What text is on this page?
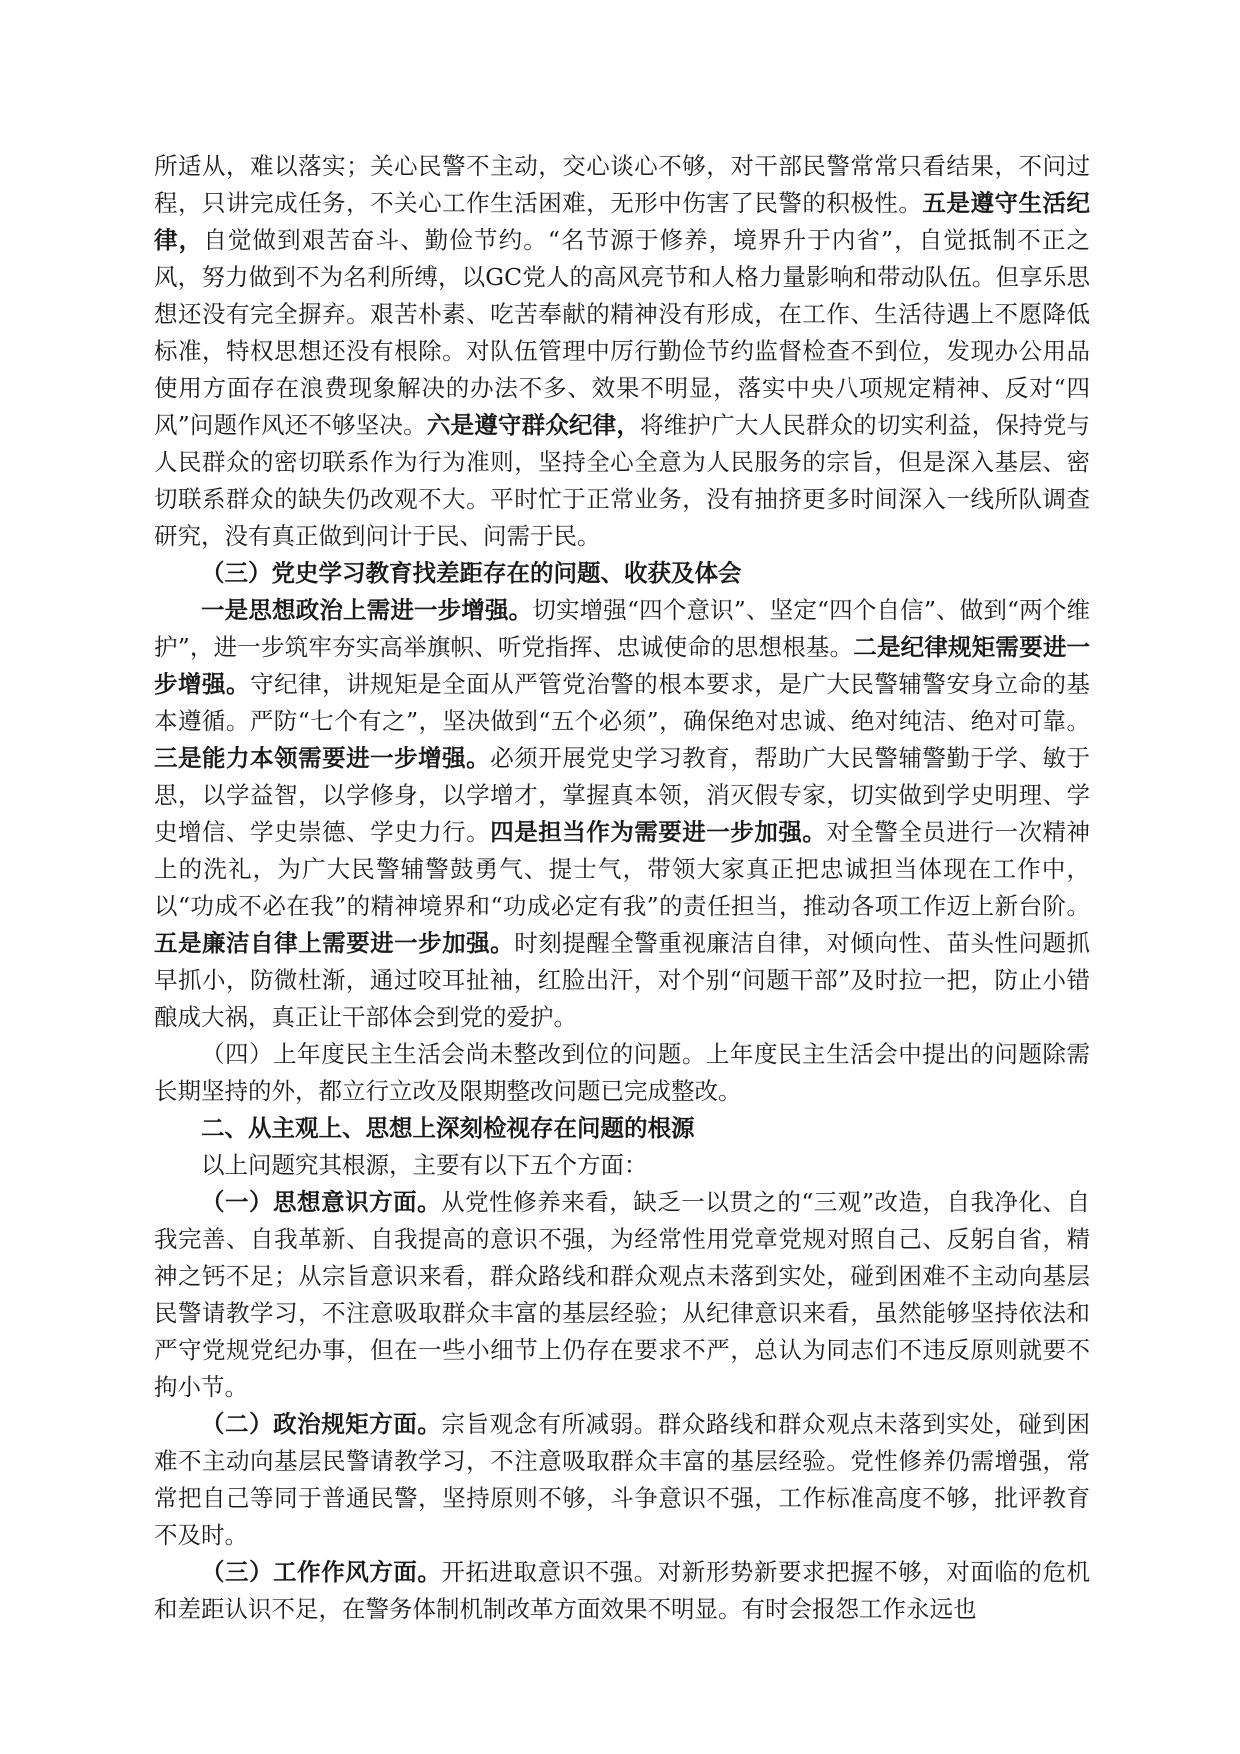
所适从，难以落实；关心民警不主动，交心谈心不够，对干部民警常常只看结果，不问过程，只讲完成任务，不关心工作生活困难，无形中伤害了民警的积极性。五是遵守生活纪律，自觉做到艰苦奋斗、勤俭节约。“名节源于修养，境界升于内省”，自觉抵制不正之风，努力做到不为名利所缚，以GC党人的高风亮节和人格力量影响和带动队伍。但享乐思想还没有完全摒弃。艰苦朴素、吃苦奉献的精神没有形成，在工作、生活待遇上不愿降低标准，特权思想还没有根除。对队伍管理中厉行勤俭节约监督检查不到位，发现办公用品使用方面存在浪费现象解决的办法不多、效果不明显，落实中央八项规定精神、反对“四风”问题作风还不够坚决。六是遵守群众纪律，将维护广大人民群众的切实利益，保持党与人民群众的密切联系作为行为准则，坚持全心全意为人民服务的宗旨，但是深入基层、密切联系群众的缺失仍改观不大。平时忙于正常业务，没有抽挤更多时间深入一线所队调查研究，没有真正做到问计于民、问需于民。

（三）党史学习教育找差距存在的问题、收获及体会

一是思想政治上需进一步增强。切实增强“四个意识”、坚定“四个自信”、做到“两个维护”，进一步筑牢夯实高举旗帜、听党指挥、忠诚使命的思想根基。二是纪律规矩需要进一步增强。守纪律，讲规矩是全面从严管党治警的根本要求，是广大民警辅警安身立命的基本遵循。严防“七个有之”，坚决做到“五个必须”，确保绝对忠诚、绝对纯洁、绝对可靠。三是能力本领需要进一步增强。必须开展党史学习教育，帮助广大民警辅警勤于学、敏于思，以学益智，以学修身，以学增才，掌握真本领，消灭假专家，切实做到学史明理、学史增信、学史崇德、学史力行。四是担当作为需要进一步加强。对全警全员进行一次精神上的洗礼，为广大民警辅警鼓勇气、提士气，带领大家真正把忠诚担当体现在工作中，以“功成不必在我”的精神境界和“功成必定有我”的责任担当，推动各项工作迈上新台阶。五是廉洁自律上需要进一步加强。时刻提醒全警重视廉洁自律，对倾向性、苗头性问题抓早抓小，防微杜渐，通过咬耳扯袖，红脸出汗，对个别“问题干部”及时拉一把，防止小错酿成大祸，真正让干部体会到党的爱护。

（四）上年度民主生活会尚未整改到位的问题。上年度民主生活会中提出的问题除需长期坚持的外，都立行立改及限期整改问题已完成整改。

二、从主观上、思想上深刻检视存在问题的根源

以上问题究其根源，主要有以下五个方面：

（一）思想意识方面。从党性修养来看，缺乏一以贯之的“三观”改造，自我净化、自我完善、自我革新、自我提高的意识不强，为经常性用党章党规对照自己、反躬自省，精神之钙不足；从宗旨意识来看，群众路线和群众观点未落到实处，碰到困难不主动向基层民警请教学习，不注意吸取群众丰富的基层经验；从纪律意识来看，虽然能够坚持依法和严守党规党纪办事，但在一些小细节上仍存在要求不严，总认为同志们不违反原则就要不拘小节。

（二）政治规矩方面。宗旨观念有所减弱。群众路线和群众观点未落到实处，碰到困难不主动向基层民警请教学习，不注意吸取群众丰富的基层经验。党性修养仍需增强，常常把自己等同于普通民警，坚持原则不够，斗争意识不强，工作标准高度不够，批评教育不及时。

（三）工作作风方面。开拓进取意识不强。对新形势新要求把握不够，对面临的危机和差距认识不足，在警务体制机制改革方面效果不明显。有时会报怨工作永远也
